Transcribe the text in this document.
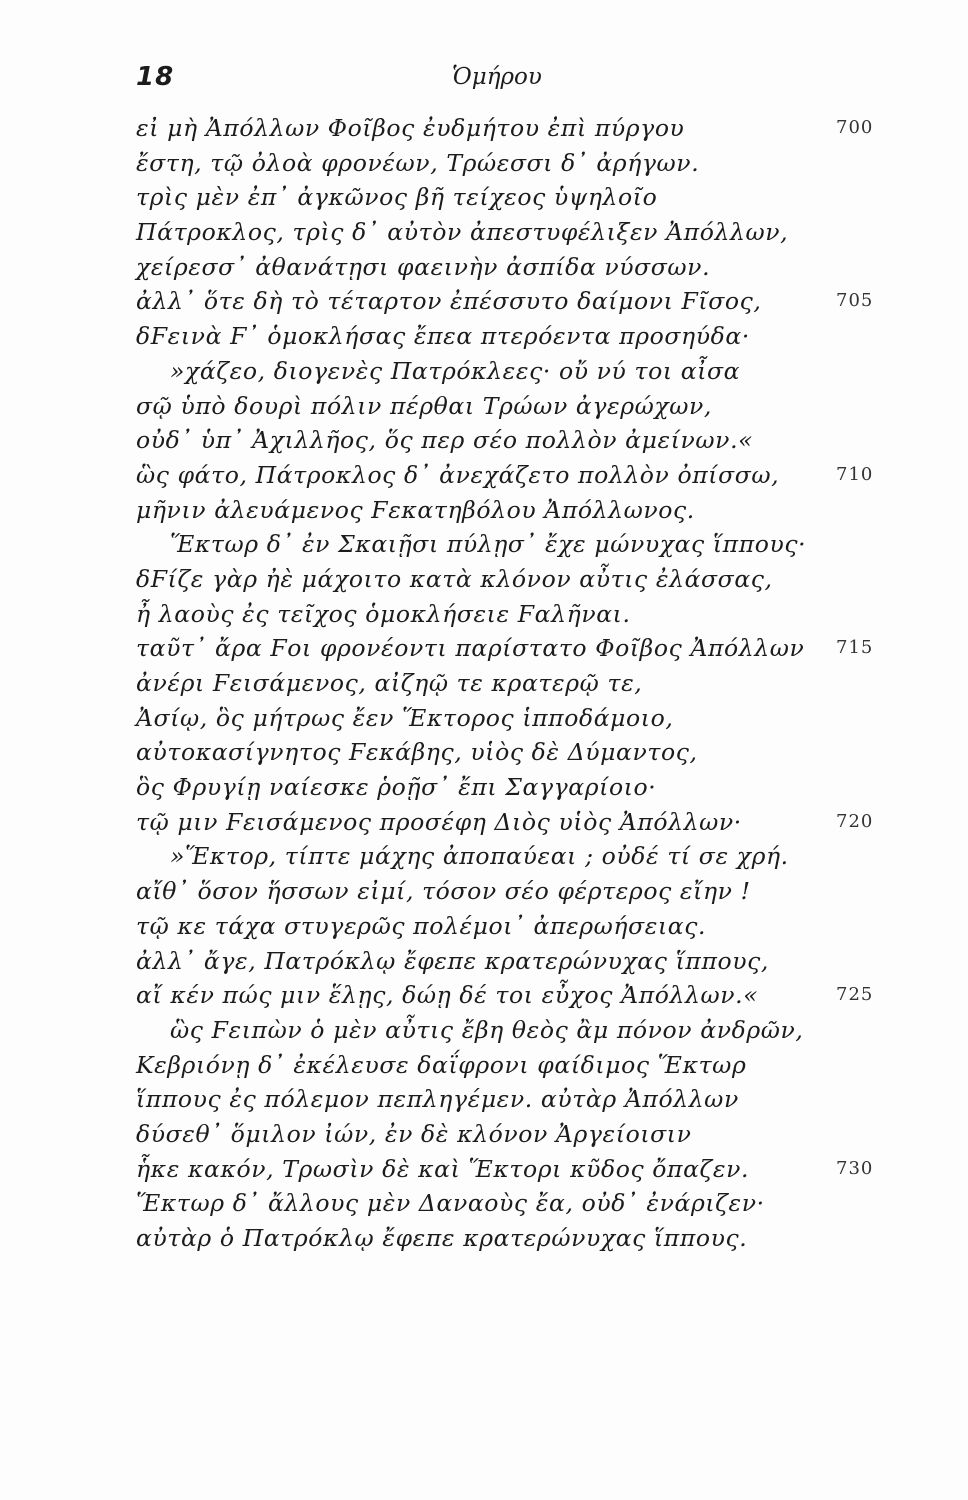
18	Ὁμήρου
εἰ μὴ Ἀπόλλων Φοῖβος ἐυδμήτου ἐπὶ πύργου	700
ἔστη, τῷ ὀλοὰ φρονέων, Τρώεσσι δ᾽ ἀρήγων.
τρὶς μὲν ἐπ᾽ ἀγκῶνος βῆ τείχεος ὑψηλοῖο
Πάτροκλος, τρὶς δ᾽ αὐτὸν ἀπεστυφέλιξεν Ἀπόλλων,
χείρεσσ᾽ ἀθανάτῃσι φαεινὴν ἀσπίδα νύσσων.
ἀλλ᾽ ὅτε δὴ τὸ τέταρτον ἐπέσσυτο δαίμονι Ϝῖσος,	705
δϜεινὰ Ϝ᾽ ὁμοκλήσας ἔπεα πτερόεντα προσηύδα·
»χάζεο, διογενὲς Πατρόκλεες· οὔ νύ τοι αἶσα
σῷ ὑπὸ δουρὶ πόλιν πέρθαι Τρώων ἀγερώχων,
οὐδ᾽ ὑπ᾽ Ἀχιλλῆος, ὅς περ σέο πολλὸν ἀμείνων.«
ὣς φάτο, Πάτροκλος δ᾽ ἀνεχάζετο πολλὸν ὀπίσσω,	710
μῆνιν ἀλευάμενος Ϝεκατηβόλου Ἀπόλλωνος.
Ἕκτωρ δ᾽ ἐν Σκαιῇσι πύλῃσ᾽ ἔχε μώνυχας ἵππους·
δϜίζε γὰρ ἠὲ μάχοιτο κατὰ κλόνον αὖτις ἐλάσσας,
ἦ λαοὺς ἐς τεῖχος ὁμοκλήσειε Ϝαλῆναι.
ταῦτ᾽ ἄρα Ϝοι φρονέοντι παρίστατο Φοῖβος Ἀπόλλων 715
ἀνέρι Ϝεισάμενος, αἰζηῷ τε κρατερῷ τε,
Ἀσίῳ, ὃς μήτρως ἔεν Ἕκτορος ἱπποδάμοιο,
αὐτοκασίγνητος Ϝεκάβης, υἱὸς δὲ Δύμαντος,
ὃς Φρυγίῃ ναίεσκε ῥοῇσ᾽ ἔπι Σαγγαρίοιο·
τῷ μιν Ϝεισάμενος προσέφη Διὸς υἱὸς Ἀπόλλων·	720
»Ἕκτορ, τίπτε μάχης ἀποπαύεαι ; οὐδέ τί σε χρή.
αἴθ᾽ ὅσον ἥσσων εἰμί, τόσον σέο φέρτερος εἴην !
τῷ κε τάχα στυγερῶς πολέμοι᾽ ἀπερωήσειας.
ἀλλ᾽ ἄγε, Πατρόκλῳ ἔφεπε κρατερώνυχας ἵππους,
αἴ κέν πώς μιν ἕλῃς, δώῃ δέ τοι εὖχος Ἀπόλλων.«	725
ὣς Ϝειπὼν ὁ μὲν αὖτις ἔβη θεὸς ἂμ πόνον ἀνδρῶν,
Κεβριόνῃ δ᾽ ἐκέλευσε δαΐφρονι φαίδιμος Ἕκτωρ
ἵππους ἐς πόλεμον πεπληγέμεν. αὐτὰρ Ἀπόλλων
δύσεθ᾽ ὅμιλον ἰών, ἐν δὲ κλόνον Ἀργείοισιν
ἧκε κακόν, Τρωσὶν δὲ καὶ Ἕκτορι κῦδος ὄπαζεν.	730
Ἕκτωρ δ᾽ ἄλλους μὲν Δαναοὺς ἔα, οὐδ᾽ ἐνάριζεν·
αὐτὰρ ὁ Πατρόκλῳ ἔφεπε κρατερώνυχας ἵππους.
